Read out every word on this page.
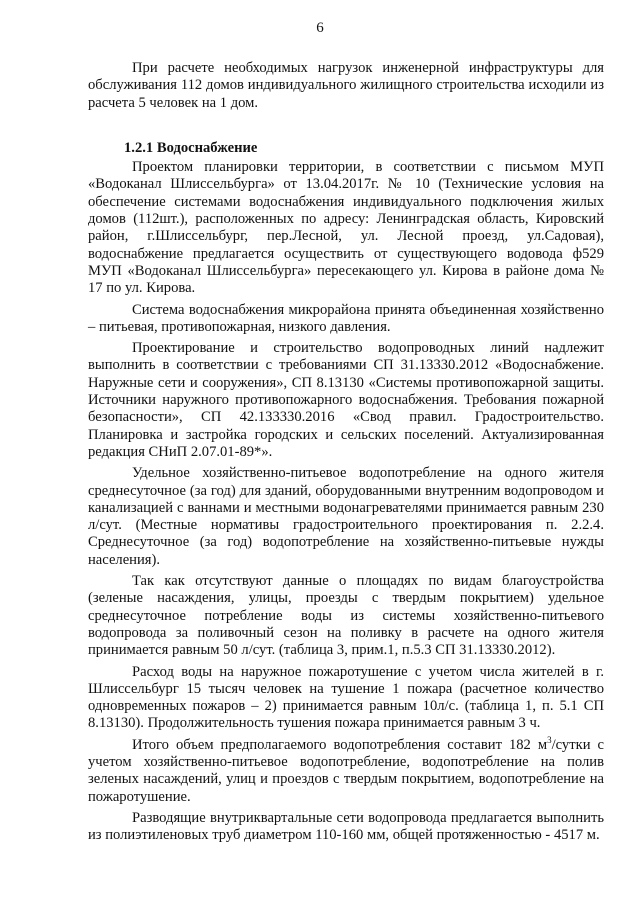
6

При расчете необходимых нагрузок инженерной инфраструктуры для обслуживания 112 домов индивидуального жилищного строительства исходили из расчета 5 человек на 1 дом.

1.2.1 Водоснабжение

Проектом планировки территории, в соответствии с письмом МУП «Водоканал Шлиссельбурга» от 13.04.2017г. № 10 (Технические условия на обеспечение системами водоснабжения индивидуального подключения жилых домов (112шт.), расположенных по адресу: Ленинградская область, Кировский район, г.Шлиссельбург, пер.Лесной, ул. Лесной проезд, ул.Садовая), водоснабжение предлагается осуществить от существующего водовода ф529 МУП «Водоканал Шлиссельбурга» пересекающего ул. Кирова в районе дома № 17 по ул. Кирова.

Система водоснабжения микрорайона принята объединенная хозяйственно – питьевая, противопожарная, низкого давления.

Проектирование и строительство водопроводных линий надлежит выполнить в соответствии с требованиями СП 31.13330.2012 «Водоснабжение. Наружные сети и сооружения», СП 8.13130 «Системы противопожарной защиты. Источники наружного противопожарного водоснабжения. Требования пожарной безопасности», СП 42.133330.2016 «Свод правил. Градостроительство. Планировка и застройка городских и сельских поселений. Актуализированная редакция СНиП 2.07.01-89*».

Удельное хозяйственно-питьевое водопотребление на одного жителя среднесуточное (за год) для зданий, оборудованными внутренним водопроводом и канализацией с ваннами и местными водонагревателями принимается равным 230 л/сут. (Местные нормативы градостроительного проектирования п. 2.2.4. Среднесуточное (за год) водопотребление на хозяйственно-питьевые нужды населения).

Так как отсутствуют данные о площадях по видам благоустройства (зеленые насаждения, улицы, проезды с твердым покрытием) удельное среднесуточное потребление воды из системы хозяйственно-питьевого водопровода за поливочный сезон на поливку в расчете на одного жителя принимается равным 50 л/сут. (таблица 3, прим.1, п.5.3 СП 31.13330.2012).

Расход воды на наружное пожаротушение с учетом числа жителей в г. Шлиссельбург 15 тысяч человек на тушение 1 пожара (расчетное количество одновременных пожаров – 2) принимается равным 10л/с. (таблица 1, п. 5.1 СП 8.13130). Продолжительность тушения пожара принимается равным 3 ч.

Итого объем предполагаемого водопотребления составит 182 $м^3$/сутки с учетом хозяйственно-питьевое водопотребление, водопотребление на полив зеленых насаждений, улиц и проездов с твердым покрытием, водопотребление на пожаротушение.

Разводящие внутриквартальные сети водопровода предлагается выполнить из полиэтиленовых труб диаметром 110-160 мм, общей протяженностью - 4517 м.
